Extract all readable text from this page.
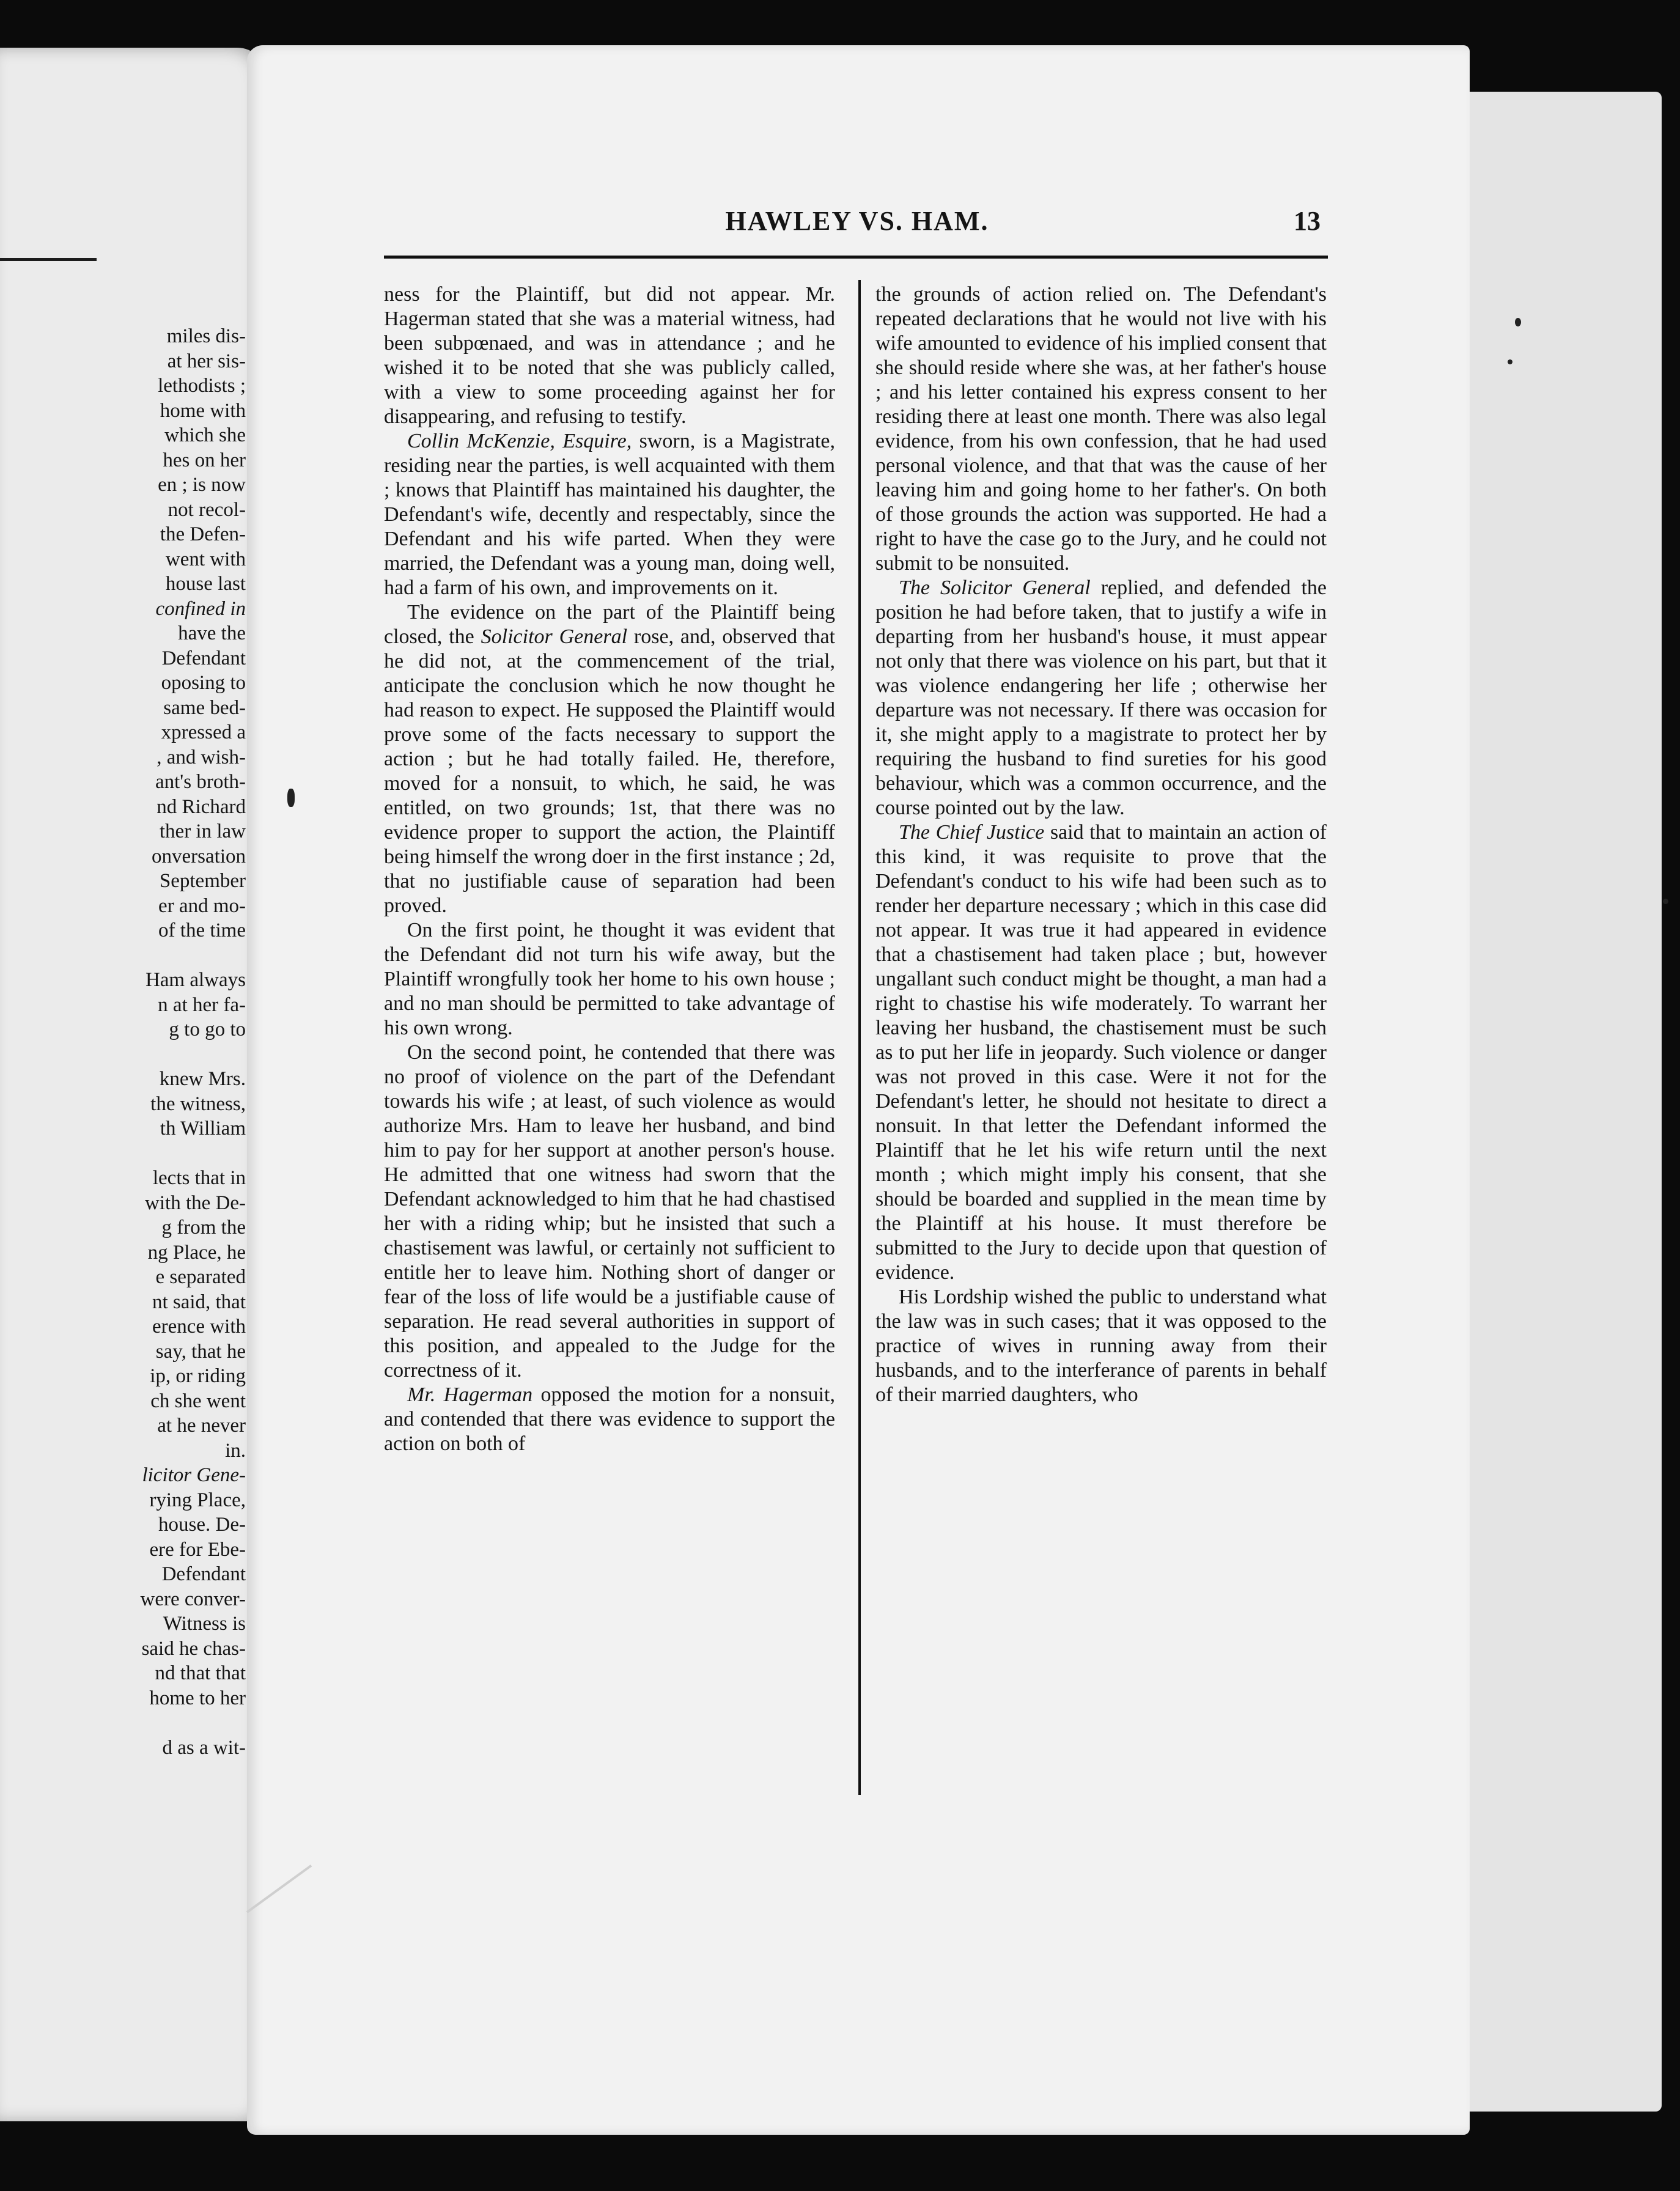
miles dis-
at her sis-
lethodists ;
home with
which she
hes on her
en ; is now
not recol-
the Defen-
went with
house last
confined in
have the
Defendant
oposing to
same bed-
xpressed a
, and wish-
ant's broth-
nd Richard
ther in law
onversation
September
er and mo-
of the time

Ham always
n at her fa-
g to go to

knew Mrs.
the witness,
th William

lects that in
with the De-
g from the
ng Place, he
e separated
nt said, that
erence with
say, that he
ip, or riding
ch she went
at he never
in.
licitor Gene-
rying Place,
house. De-
ere for Ebe-
Defendant
were conver-
Witness is
said he chas-
nd that that
home to her

d as a wit-
HAWLEY VS. HAM.	13

ness for the Plaintiff, but did not appear. Mr. Hagerman stated that she was a material witness, had been subpœnaed, and was in attendance ; and he wished it to be noted that she was publicly called, with a view to some proceeding against her for disappearing, and refusing to testify.

Collin McKenzie, Esquire, sworn, is a Magistrate, residing near the parties, is well acquainted with them ; knows that Plaintiff has maintained his daughter, the Defendant's wife, decently and respectably, since the Defendant and his wife parted. When they were married, the Defendant was a young man, doing well, had a farm of his own, and improvements on it.

The evidence on the part of the Plaintiff being closed, the Solicitor General rose, and, observed that he did not, at the commencement of the trial, anticipate the conclusion which he now thought he had reason to expect. He supposed the Plaintiff would prove some of the facts necessary to support the action ; but he had totally failed. He, therefore, moved for a nonsuit, to which, he said, he was entitled, on two grounds; 1st, that there was no evidence proper to support the action, the Plaintiff being himself the wrong doer in the first instance ; 2d, that no justifiable cause of separation had been proved.

On the first point, he thought it was evident that the Defendant did not turn his wife away, but the Plaintiff wrongfully took her home to his own house ; and no man should be permitted to take advantage of his own wrong.

On the second point, he contended that there was no proof of violence on the part of the Defendant towards his wife ; at least, of such violence as would authorize Mrs. Ham to leave her husband, and bind him to pay for her support at another person's house. He admitted that one witness had sworn that the Defendant acknowledged to him that he had chastised her with a riding whip; but he insisted that such a chastisement was lawful, or certainly not sufficient to entitle her to leave him. Nothing short of danger or fear of the loss of life would be a justifiable cause of separation. He read several authorities in support of this position, and appealed to the Judge for the correctness of it.

Mr. Hagerman opposed the motion for a nonsuit, and contended that there was evidence to support the action on both of

the grounds of action relied on. The Defendant's repeated declarations that he would not live with his wife amounted to evidence of his implied consent that she should reside where she was, at her father's house ; and his letter contained his express consent to her residing there at least one month. There was also legal evidence, from his own confession, that he had used personal violence, and that that was the cause of her leaving him and going home to her father's. On both of those grounds the action was supported. He had a right to have the case go to the Jury, and he could not submit to be nonsuited.

The Solicitor General replied, and defended the position he had before taken, that to justify a wife in departing from her husband's house, it must appear not only that there was violence on his part, but that it was violence endangering her life ; otherwise her departure was not necessary. If there was occasion for it, she might apply to a magistrate to protect her by requiring the husband to find sureties for his good behaviour, which was a common occurrence, and the course pointed out by the law.

The Chief Justice said that to maintain an action of this kind, it was requisite to prove that the Defendant's conduct to his wife had been such as to render her departure necessary ; which in this case did not appear. It was true it had appeared in evidence that a chastisement had taken place ; but, however ungallant such conduct might be thought, a man had a right to chastise his wife moderately. To warrant her leaving her husband, the chastisement must be such as to put her life in jeopardy. Such violence or danger was not proved in this case. Were it not for the Defendant's letter, he should not hesitate to direct a nonsuit. In that letter the Defendant informed the Plaintiff that he let his wife return until the next month ; which might imply his consent, that she should be boarded and supplied in the mean time by the Plaintiff at his house. It must therefore be submitted to the Jury to decide upon that question of evidence.

His Lordship wished the public to understand what the law was in such cases; that it was opposed to the practice of wives in running away from their husbands, and to the interferance of parents in behalf of their married daughters, who
